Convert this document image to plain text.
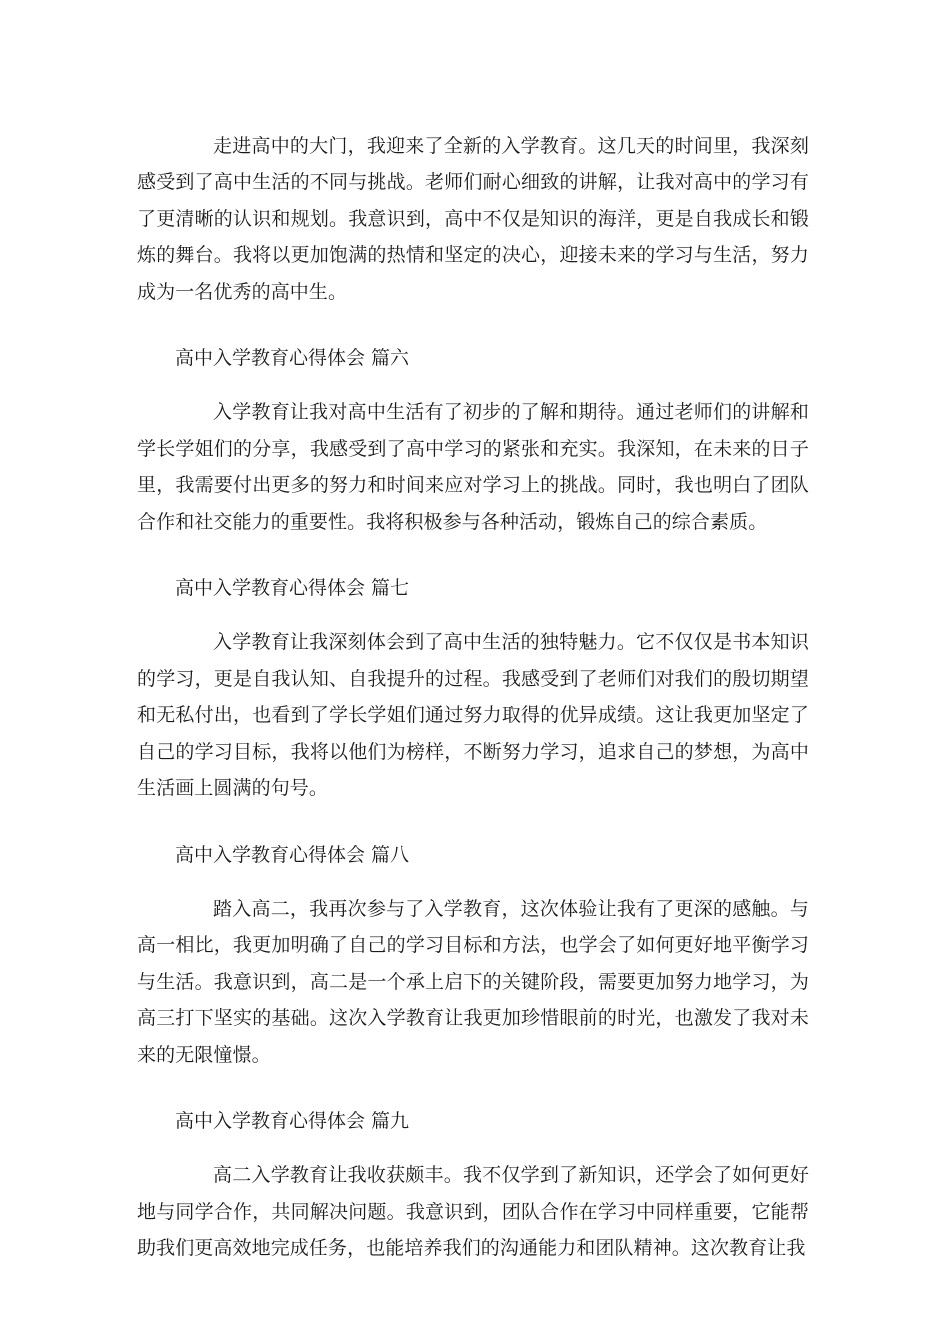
走进高中的大门，我迎来了全新的入学教育。这几天的时间里，我深刻感受到了高中生活的不同与挑战。老师们耐心细致的讲解，让我对高中的学习有了更清晰的认识和规划。我意识到，高中不仅是知识的海洋，更是自我成长和锻炼的舞台。我将以更加饱满的热情和坚定的决心，迎接未来的学习与生活，努力成为一名优秀的高中生。

高中入学教育心得体会 篇六

入学教育让我对高中生活有了初步的了解和期待。通过老师们的讲解和学长学姐们的分享，我感受到了高中学习的紧张和充实。我深知，在未来的日子里，我需要付出更多的努力和时间来应对学习上的挑战。同时，我也明白了团队合作和社交能力的重要性。我将积极参与各种活动，锻炼自己的综合素质。

高中入学教育心得体会 篇七

入学教育让我深刻体会到了高中生活的独特魅力。它不仅仅是书本知识的学习，更是自我认知、自我提升的过程。我感受到了老师们对我们的殷切期望和无私付出，也看到了学长学姐们通过努力取得的优异成绩。这让我更加坚定了自己的学习目标，我将以他们为榜样，不断努力学习，追求自己的梦想，为高中生活画上圆满的句号。

高中入学教育心得体会 篇八

踏入高二，我再次参与了入学教育，这次体验让我有了更深的感触。与高一相比，我更加明确了自己的学习目标和方法，也学会了如何更好地平衡学习与生活。我意识到，高二是一个承上启下的关键阶段，需要更加努力地学习，为高三打下坚实的基础。这次入学教育让我更加珍惜眼前的时光，也激发了我对未来的无限憧憬。

高中入学教育心得体会 篇九

高二入学教育让我收获颇丰。我不仅学到了新知识，还学会了如何更好地与同学合作，共同解决问题。我意识到，团队合作在学习中同样重要，它能帮助我们更高效地完成任务，也能培养我们的沟通能力和团队精神。这次教育让我
